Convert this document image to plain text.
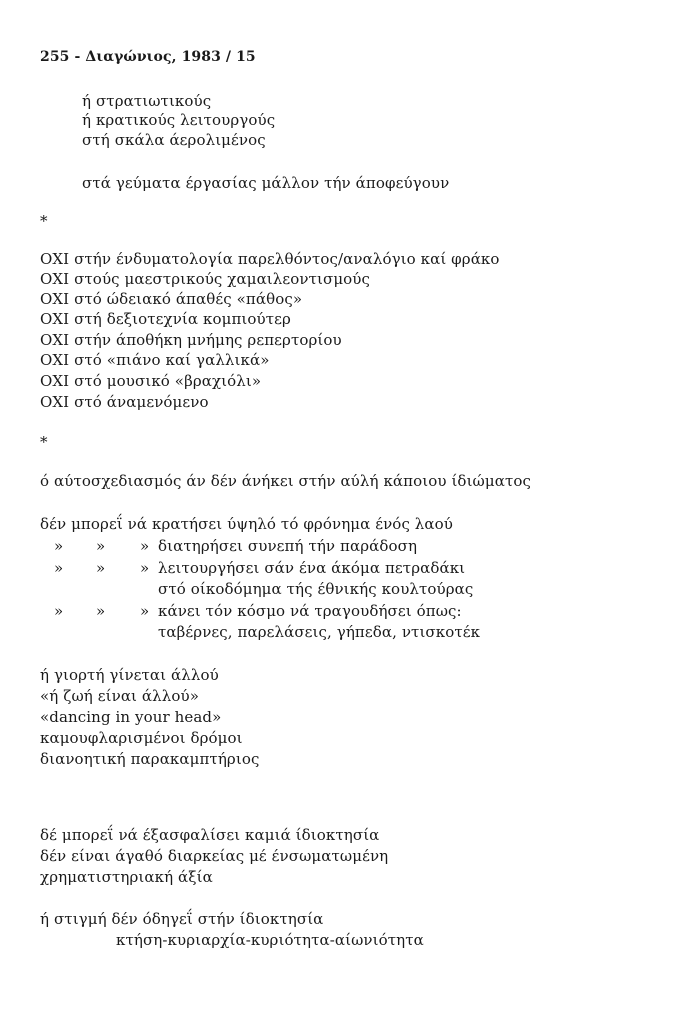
255 - Διαγώνιος, 1983 / 15
ή στρατιωτικούς
ή κρατικούς λειτουργούς
στή σκάλα άερολιμένος
στά γεύματα έργασίας μάλλον τήν άποφεύγουν
*
ΟΧΙ στήν ένδυματολογία παρελθόντος/αναλόγιο καί φράκο
ΟΧΙ στούς μαεστρικούς χαμαιλεοντισμούς
ΟΧΙ στό ώδειακό άπαθές «πάθος»
ΟΧΙ στή δεξιοτεχνία κομπιούτερ
ΟΧΙ στήν άποθήκη μνήμης ρεπερτορίου
ΟΧΙ στό «πιάνο καί γαλλικά»
ΟΧΙ στό μουσικό «βραχιόλι»
ΟΧΙ στό άναμενόμενο
*
ό αύτοσχεδιασμός άν δέν άνήκει στήν αύλή κάποιου ίδιώματος
δέν μπορεΐ νά κρατήσει ύψηλό τό φρόνημα ένός λαού
» » » διατηρήσει συνεπή τήν παράδοση
» » » λειτουργήσει σάν ένα άκόμα πετραδάκι
στό οίκοδόμημα τής έθνικής κουλτούρας
» » » κάνει τόν κόσμο νά τραγουδήσει όπως:
ταβέρνες, παρελάσεις, γήπεδα, ντισκοτέκ
ή γιορτή γίνεται άλλού
«ή ζωή είναι άλλού»
«dancing in your head»
καμουφλαρισμένοι δρόμοι
διανοητική παρακαμπτήριος
δέ μπορεΐ νά έξασφαλίσει καμιά ίδιοκτησία
δέν είναι άγαθό διαρκείας μέ ένσωματωμένη
χρηματιστηριακή άξία
ή στιγμή δέν όδηγεΐ στήν ίδιοκτησία
κτήση-κυριαρχία-κυριότητα-αίωνιότητα
